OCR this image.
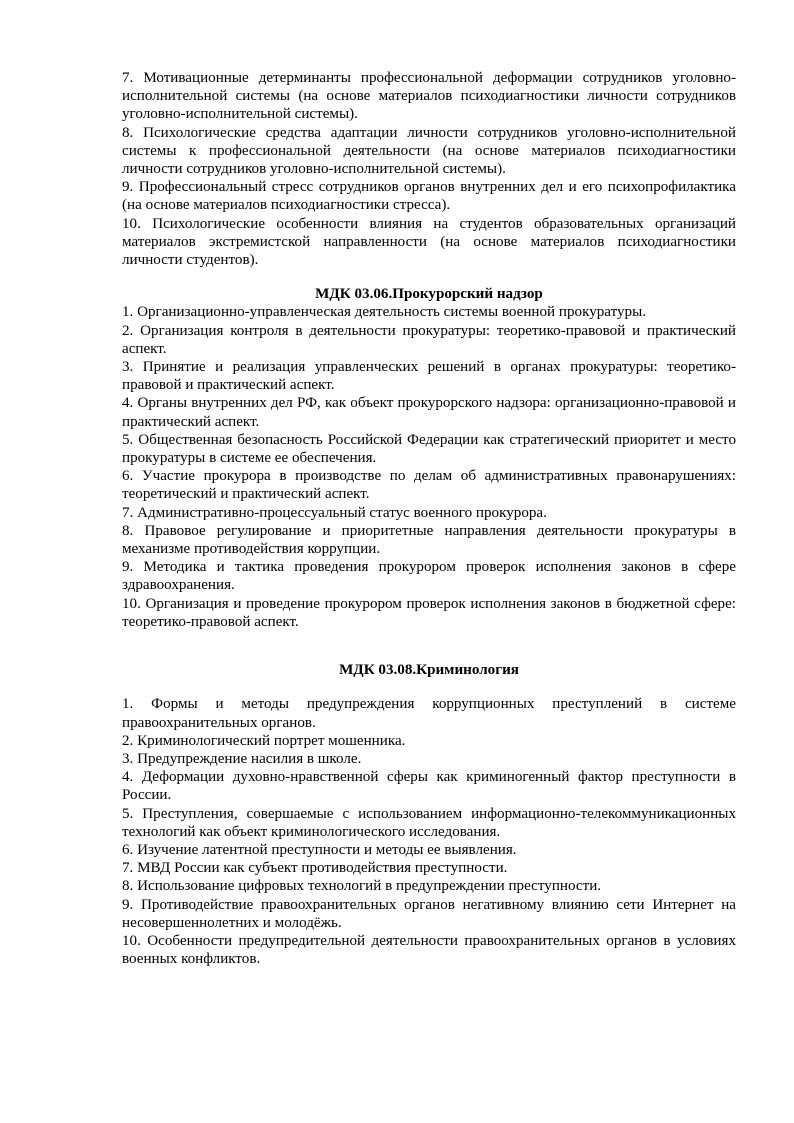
7. Мотивационные детерминанты профессиональной деформации сотрудников уголовно-исполнительной системы (на основе материалов психодиагностики личности сотрудников уголовно-исполнительной системы).

8. Психологические средства адаптации личности сотрудников уголовно-исполнительной системы к профессиональной деятельности (на основе материалов психодиагностики личности сотрудников уголовно-исполнительной системы).

9. Профессиональный стресс сотрудников органов внутренних дел и его психопрофилактика (на основе материалов психодиагностики стресса).

10. Психологические особенности влияния на студентов образовательных организаций материалов экстремистской направленности (на основе материалов психодиагностики личности студентов).

МДК 03.06.Прокурорский надзор

1. Организационно-управленческая деятельность системы военной прокуратуры.

2. Организация контроля в деятельности прокуратуры: теоретико-правовой и практический аспект.

3. Принятие и реализация управленческих решений в органах прокуратуры: теоретико-правовой и практический аспект.

4. Органы внутренних дел РФ, как объект прокурорского надзора: организационно-правовой и практический аспект.

5. Общественная безопасность Российской Федерации как стратегический приоритет и место прокуратуры в системе ее обеспечения.

6. Участие прокурора в производстве по делам об административных правонарушениях: теоретический и практический аспект.

7. Административно-процессуальный статус военного прокурора.

8. Правовое регулирование и приоритетные направления деятельности прокуратуры в механизме противодействия коррупции.

9. Методика и тактика проведения прокурором проверок исполнения законов в сфере здравоохранения.

10. Организация и проведение прокурором проверок исполнения законов в бюджетной сфере: теоретико-правовой аспект.

МДК 03.08.Криминология

1. Формы и методы предупреждения коррупционных преступлений в системе правоохранительных органов.

2. Криминологический портрет мошенника.

3. Предупреждение насилия в школе.

4. Деформации духовно-нравственной сферы как криминогенный фактор преступности в России.

5. Преступления, совершаемые с использованием информационно-телекоммуникационных технологий как объект криминологического исследования.

6. Изучение латентной преступности и методы ее выявления.

7. МВД России как субъект противодействия преступности.

8. Использование цифровых технологий в предупреждении преступности.

9. Противодействие правоохранительных органов негативному влиянию сети Интернет на несовершеннолетних и молодёжь.

10. Особенности предупредительной деятельности правоохранительных органов в условиях военных конфликтов.
